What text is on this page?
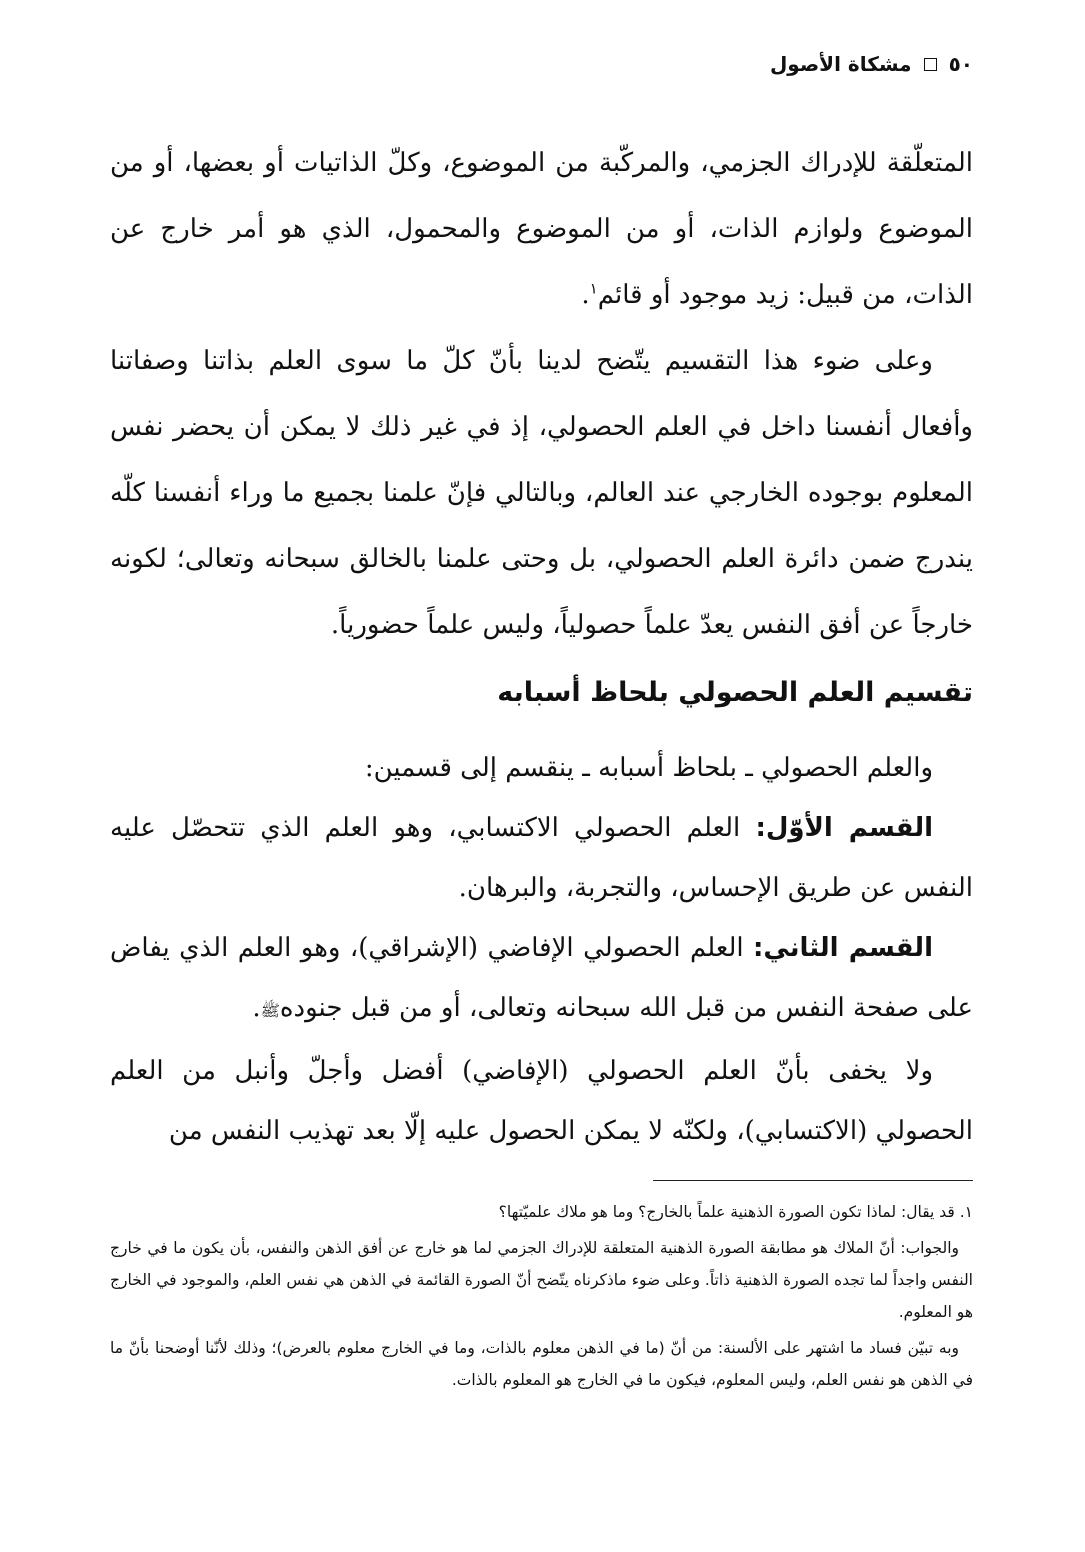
٥٠
مشكاة الأصول

المتعلّقة للإدراك الجزمي، والمركّبة من الموضوع، وكلّ الذاتيات أو بعضها، أو من الموضوع ولوازم الذات، أو من الموضوع والمحمول، الذي هو أمر خارج عن الذات، من قبيل: زيد موجود أو قائم$^١$.

وعلى ضوء هذا التقسيم يتّضح لدينا بأنّ كلّ ما سوى العلم بذاتنا وصفاتنا وأفعال أنفسنا داخل في العلم الحصولي، إذ في غير ذلك لا يمكن أن يحضر نفس المعلوم بوجوده الخارجي عند العالم، وبالتالي فإنّ علمنا بجميع ما وراء أنفسنا كلّه يندرج ضمن دائرة العلم الحصولي، بل وحتى علمنا بالخالق سبحانه وتعالى؛ لكونه خارجاً عن أفق النفس يعدّ علماً حصولياً، وليس علماً حضورياً.

تقسيم العلم الحصولي بلحاظ أسبابه

والعلم الحصولي ـ بلحاظ أسبابه ـ ينقسم إلى قسمين:

القسم الأوّل: العلم الحصولي الاكتسابي، وهو العلم الذي تتحصّل عليه النفس عن طريق الإحساس، والتجربة، والبرهان.

القسم الثاني: العلم الحصولي الإفاضي (الإشراقي)، وهو العلم الذي يفاض على صفحة النفس من قبل الله سبحانه وتعالى، أو من قبل جنودهﷺ.

ولا يخفى بأنّ العلم الحصولي (الإفاضي) أفضل وأجلّ وأنبل من العلم الحصولي (الاكتسابي)، ولكنّه لا يمكن الحصول عليه إلّا بعد تهذيب النفس من

١. قد يقال: لماذا تكون الصورة الذهنية علماً بالخارج؟ وما هو ملاك علميّتها؟

والجواب: أنّ الملاك هو مطابقة الصورة الذهنية المتعلقة للإدراك الجزمي لما هو خارج عن أفق الذهن والنفس، بأن يكون ما في خارج النفس واجداً لما تجده الصورة الذهنية ذاتاً. وعلى ضوء ماذكرناه يتّضح أنّ الصورة القائمة في الذهن هي نفس العلم، والموجود في الخارج هو المعلوم.

وبه تبيّن فساد ما اشتهر على الألسنة: من أنّ (ما في الذهن معلوم بالذات، وما في الخارج معلوم بالعرض)؛ وذلك لأنّنا أوضحنا بأنّ ما في الذهن هو نفس العلم، وليس المعلوم، فيكون ما في الخارج هو المعلوم بالذات.
